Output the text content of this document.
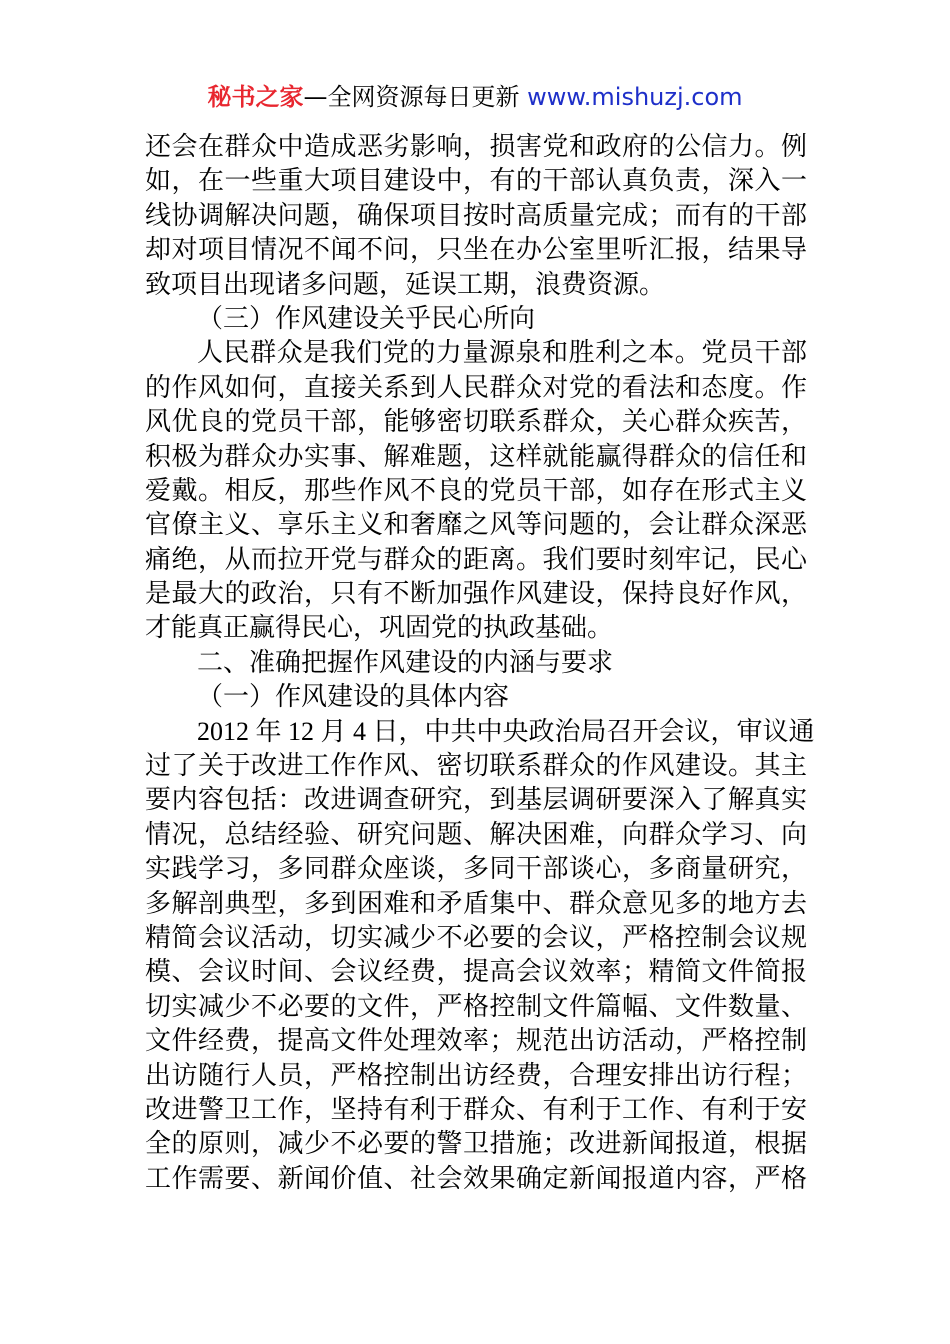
秘书之家—全网资源每日更新 www.mishuzj.com
还会在群众中造成恶劣影响，损害党和政府的公信力。例
如，在一些重大项目建设中，有的干部认真负责，深入一
线协调解决问题，确保项目按时高质量完成；而有的干部
却对项目情况不闻不问，只坐在办公室里听汇报，结果导
致项目出现诸多问题，延误工期，浪费资源。
（三）作风建设关乎民心所向
人民群众是我们党的力量源泉和胜利之本。党员干部
的作风如何，直接关系到人民群众对党的看法和态度。作
风优良的党员干部，能够密切联系群众，关心群众疾苦，
积极为群众办实事、解难题，这样就能赢得群众的信任和
爱戴。相反，那些作风不良的党员干部，如存在形式主义
官僚主义、享乐主义和奢靡之风等问题的，会让群众深恶
痛绝，从而拉开党与群众的距离。我们要时刻牢记，民心
是最大的政治，只有不断加强作风建设，保持良好作风，
才能真正赢得民心，巩固党的执政基础。
二、准确把握作风建设的内涵与要求
（一）作风建设的具体内容
2012 年 12 月 4 日，中共中央政治局召开会议，审议通
过了关于改进工作作风、密切联系群众的作风建设。其主
要内容包括：改进调查研究，到基层调研要深入了解真实
情况，总结经验、研究问题、解决困难，向群众学习、向
实践学习，多同群众座谈，多同干部谈心，多商量研究，
多解剖典型，多到困难和矛盾集中、群众意见多的地方去
精简会议活动，切实减少不必要的会议，严格控制会议规
模、会议时间、会议经费，提高会议效率；精简文件简报
切实减少不必要的文件，严格控制文件篇幅、文件数量、
文件经费，提高文件处理效率；规范出访活动，严格控制
出访随行人员，严格控制出访经费，合理安排出访行程；
改进警卫工作，坚持有利于群众、有利于工作、有利于安
全的原则，减少不必要的警卫措施；改进新闻报道，根据
工作需要、新闻价值、社会效果确定新闻报道内容，严格
